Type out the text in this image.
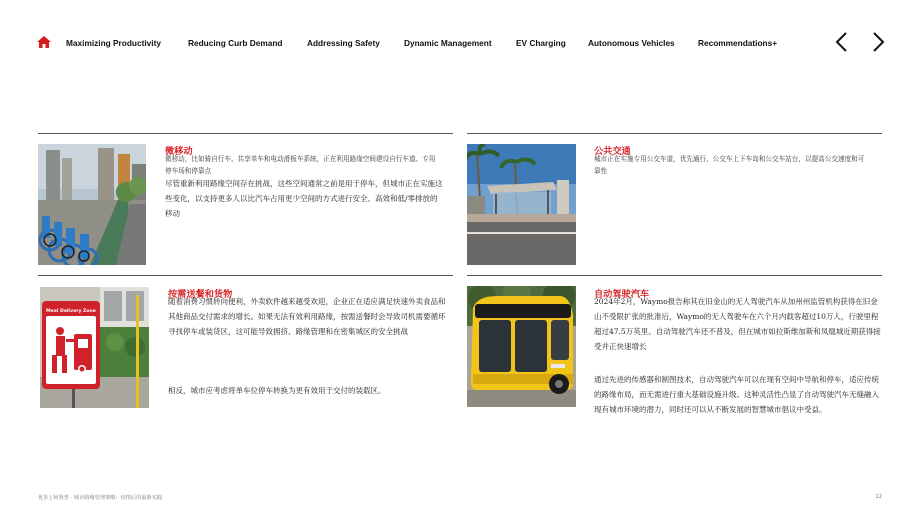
Maximizing Productivity	Reducing Curb Demand	Addressing Safety	Dynamic Management	EV Charging	Autonomous Vehicles	Recommendations+
微移动
微移动，比如骑自行车、共享单车和电动滑板车系统，正在利用路缘空间建设自行车道、专用停车场和停靠点
尽管重新利用路缘空间存在挑战，这些空间通常之前是用于停车，但城市正在实施这些变化，以支持更多人以比汽车占用更少空间的方式进行安全、高效和低/零排放的移动
公共交通
城市正在实施专用公交车道，优先通行，公交车上下车岛和公交车站台，以提高公交速度和可靠性
Meal Delivery Zone
按需送餐和货物
随着消费习惯转向便利，外卖软件越来越受欢迎，企业正在适应满足快速外卖食品和其他商品交付需求的增长。如果无法有效利用路缘，按需送餐时会导致司机需要循环寻找停车或装货区，这可能导致拥挤、路缘管理和在密集城区的安全挑战
相反，城市应考虑将单车位停车转换为更有效用于交付的装载区。
自动驾驶汽车
2024年2月，Waymo报告称其在旧金山的无人驾驶汽车从加州州监管机构获得在旧金山不受限扩张的批准后，Waymo的无人驾驶车在六个月内载客超过10万人，行驶里程超过47.5万英里。自动驾驶汽车还不普及，但在城市如拉斯维加斯和凤凰城近期获得接受并正快速增长
通过先进的传感器和制图技术，自动驾驶汽车可以在现有空间中导航和停车，适应传统的路缘布局，而无需进行重大基础设施升级。这种灵活性凸显了自动驾驶汽车无缝融入现有城市环境的潜力，同时还可以从不断发展的智慧城市倡议中受益。
优步 | 阿鲁普 · 城市路缘管理策略：疫情后的最新实践	12
